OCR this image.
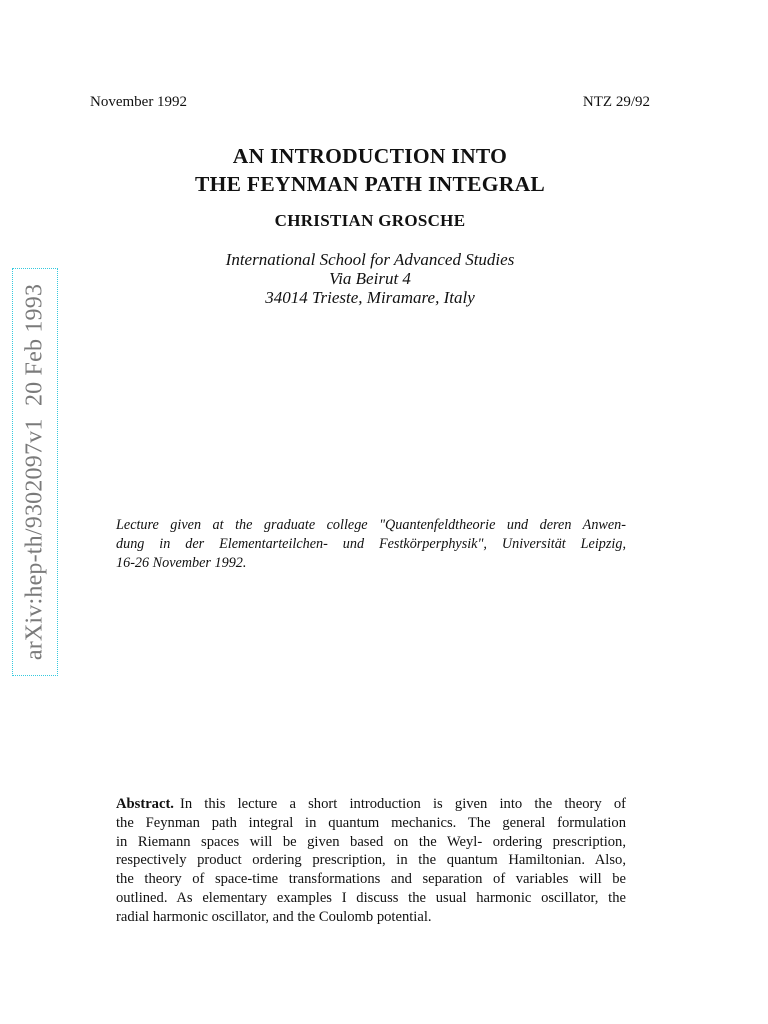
November 1992	NTZ 29/92
AN INTRODUCTION INTO
THE FEYNMAN PATH INTEGRAL
CHRISTIAN GROSCHE
International School for Advanced Studies
Via Beirut 4
34014 Trieste, Miramare, Italy
arXiv:hep-th/9302097v1  20 Feb 1993	Lecture given at the graduate college "Quantenfeldtheorie und deren Anwen-
dung in der Elementarteilchen- und Festkörperphysik", Universität Leipzig,
16-26 November 1992.
Abstract. In this lecture a short introduction is given into the theory of
the Feynman path integral in quantum mechanics. The general formulation
in Riemann spaces will be given based on the Weyl- ordering prescription,
respectively product ordering prescription, in the quantum Hamiltonian. Also,
the theory of space-time transformations and separation of variables will be
outlined. As elementary examples I discuss the usual harmonic oscillator, the
radial harmonic oscillator, and the Coulomb potential.
